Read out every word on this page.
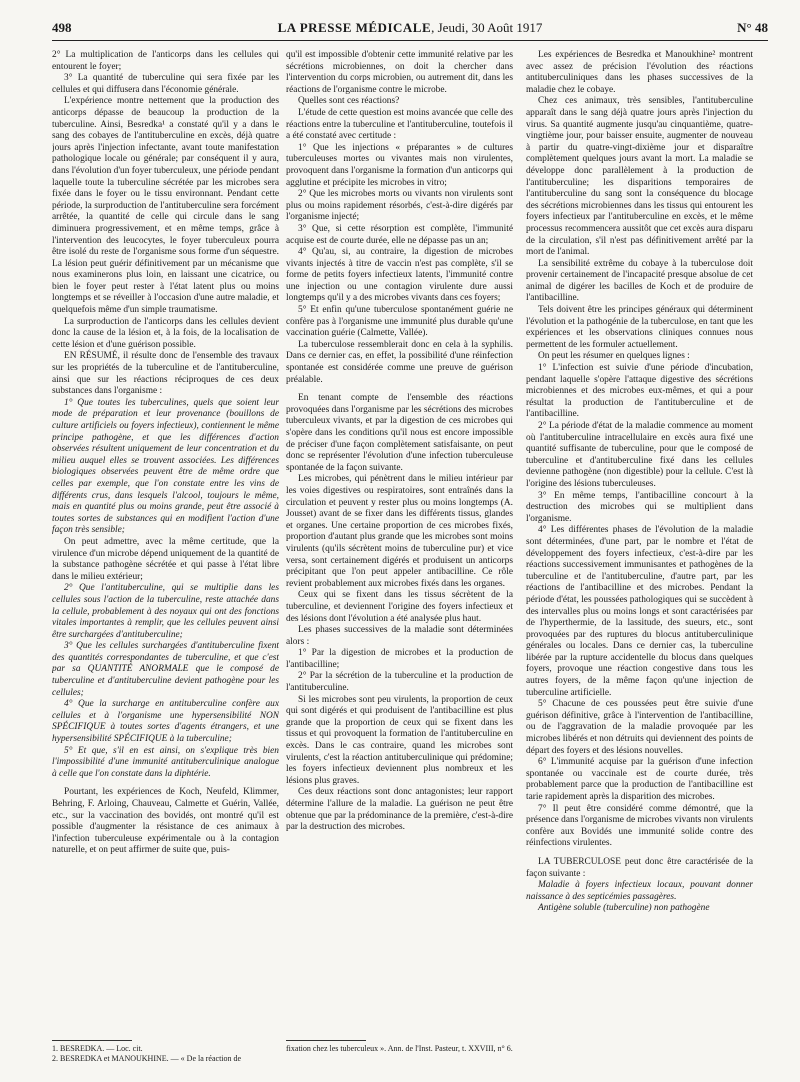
498	LA PRESSE MÉDICALE, Jeudi, 30 Août 1917	N° 48

2° La multiplication de l'anticorps dans les cellules qui entourent le foyer;

3° La quantité de tuberculine qui sera fixée par les cellules et qui diffusera dans l'économie générale.

L'expérience montre nettement que la production des anticorps dépasse de beaucoup la production de la tuberculine. Ainsi, Besredka¹ a constaté qu'il y a dans le sang des cobayes de l'antituberculine en excès, déjà quatre jours après l'injection infectante, avant toute manifestation pathologique locale ou générale; par conséquent il y aura, dans l'évolution d'un foyer tuberculeux, une période pendant laquelle toute la tuberculine sécrétée par les microbes sera fixée dans le foyer ou le tissu environnant. Pendant cette période, la surproduction de l'antituberculine sera forcément arrêtée, la quantité de celle qui circule dans le sang diminuera progressivement, et en même temps, grâce à l'intervention des leucocytes, le foyer tuberculeux pourra être isolé du reste de l'organisme sous forme d'un séquestre. La lésion peut guérir définitivement par un mécanisme que nous examinerons plus loin, en laissant une cicatrice, ou bien le foyer peut rester à l'état latent plus ou moins longtemps et se réveiller à l'occasion d'une autre maladie, et quelquefois même d'un simple traumatisme.

La surproduction de l'anticorps dans les cellules devient donc la cause de la lésion et, à la fois, de la localisation de cette lésion et d'une guérison possible.

EN RÉSUMÉ, il résulte donc de l'ensemble des travaux sur les propriétés de la tuberculine et de l'antituberculine, ainsi que sur les réactions réciproques de ces deux substances dans l'organisme :

1° Que toutes les tuberculines, quels que soient leur mode de préparation et leur provenance (bouillons de culture artificiels ou foyers infectieux), contiennent le même principe pathogène, et que les différences d'action observées résultent uniquement de leur concentration et du milieu auquel elles se trouvent associées. Les différences biologiques observées peuvent être de même ordre que celles par exemple, que l'on constate entre les vins de différents crus, dans lesquels l'alcool, toujours le même, mais en quantité plus ou moins grande, peut être associé à toutes sortes de substances qui en modifient l'action d'une façon très sensible;

On peut admettre, avec la même certitude, que la virulence d'un microbe dépend uniquement de la quantité de la substance pathogène sécrétée et qui passe à l'état libre dans le milieu extérieur;

2° Que l'antituberculine, qui se multiplie dans les cellules sous l'action de la tuberculine, reste attachée dans la cellule, probablement à des noyaux qui ont des fonctions vitales importantes à remplir, que les cellules peuvent ainsi être surchargées d'antituberculine;

3° Que les cellules surchargées d'antituberculine fixent des quantités correspondantes de tuberculine, et que c'est par sa QUANTITÉ ANORMALE que le composé de tuberculine et d'antituberculine devient pathogène pour les cellules;

4° Que la surcharge en antituberculine confère aux cellules et à l'organisme une hypersensibilité NON SPÉCIFIQUE à toutes sortes d'agents étrangers, et une hypersensibilité SPÉCIFIQUE à la tuberculine;

5° Et que, s'il en est ainsi, on s'explique très bien l'impossibilité d'une immunité antituberculinique analogue à celle que l'on constate dans la diphtérie.

Pourtant, les expériences de Koch, Neufeld, Klimmer, Behring, F. Arloing, Chauveau, Calmette et Guérin, Vallée, etc., sur la vaccination des bovidés, ont montré qu'il est possible d'augmenter la résistance de ces animaux à l'infection tuberculeuse expérimentale ou à la contagion naturelle, et on peut affirmer de suite que, puis-

qu'il est impossible d'obtenir cette immunité relative par les sécrétions microbiennes, on doit la chercher dans l'intervention du corps microbien, ou autrement dit, dans les réactions de l'organisme contre le microbe.

Quelles sont ces réactions?

L'étude de cette question est moins avancée que celle des réactions entre la tuberculine et l'antituberculine, toutefois il a été constaté avec certitude :

1° Que les injections « préparantes » de cultures tuberculeuses mortes ou vivantes mais non virulentes, provoquent dans l'organisme la formation d'un anticorps qui agglutine et précipite les microbes in vitro;

2° Que les microbes morts ou vivants non virulents sont plus ou moins rapidement résorbés, c'est-à-dire digérés par l'organisme injecté;

3° Que, si cette résorption est complète, l'immunité acquise est de courte durée, elle ne dépasse pas un an;

4° Qu'au, si, au contraire, la digestion de microbes vivants injectés à titre de vaccin n'est pas complète, s'il se forme de petits foyers infectieux latents, l'immunité contre une injection ou une contagion virulente dure aussi longtemps qu'il y a des microbes vivants dans ces foyers;

5° Et enfin qu'une tuberculose spontanément guérie ne confère pas à l'organisme une immunité plus durable qu'une vaccination guérie (Calmette, Vallée).

La tuberculose ressemblerait donc en cela à la syphilis. Dans ce dernier cas, en effet, la possibilité d'une réinfection spontanée est considérée comme une preuve de guérison préalable.

En tenant compte de l'ensemble des réactions provoquées dans l'organisme par les sécrétions des microbes tuberculeux vivants, et par la digestion de ces microbes qui s'opère dans les conditions qu'il nous est encore impossible de préciser d'une façon complètement satisfaisante, on peut donc se représenter l'évolution d'une infection tuberculeuse spontanée de la façon suivante.

Les microbes, qui pénètrent dans le milieu intérieur par les voies digestives ou respiratoires, sont entraînés dans la circulation et peuvent y rester plus ou moins longtemps (A. Jousset) avant de se fixer dans les différents tissus, glandes et organes. Une certaine proportion de ces microbes fixés, proportion d'autant plus grande que les microbes sont moins virulents (qu'ils sécrètent moins de tuberculine pur) et vice versa, sont certainement digérés et produisent un anticorps précipitant que l'on peut appeler antibacilline. Ce rôle revient probablement aux microbes fixés dans les organes.

Ceux qui se fixent dans les tissus sécrètent de la tuberculine, et deviennent l'origine des foyers infectieux et des lésions dont l'évolution a été analysée plus haut.

Les phases successives de la maladie sont déterminées alors :

1° Par la digestion de microbes et la production de l'antibacilline;

2° Par la sécrétion de la tuberculine et la production de l'antituberculine.

Si les microbes sont peu virulents, la proportion de ceux qui sont digérés et qui produisent de l'antibacilline est plus grande que la proportion de ceux qui se fixent dans les tissus et qui provoquent la formation de l'antituberculine en excès. Dans le cas contraire, quand les microbes sont virulents, c'est la réaction antituberculinique qui prédomine; les foyers infectieux deviennent plus nombreux et les lésions plus graves.

Ces deux réactions sont donc antagonistes; leur rapport détermine l'allure de la maladie. La guérison ne peut être obtenue que par la prédominance de la première, c'est-à-dire par la destruction des microbes.

Les expériences de Besredka et Manoukhine² montrent avec assez de précision l'évolution des réactions antituberculiniques dans les phases successives de la maladie chez le cobaye.

Chez ces animaux, très sensibles, l'antituberculine apparaît dans le sang déjà quatre jours après l'injection du virus. Sa quantité augmente jusqu'au cinquantième, quatre-vingtième jour, pour baisser ensuite, augmenter de nouveau à partir du quatre-vingt-dixième jour et disparaître complètement quelques jours avant la mort. La maladie se développe donc parallèlement à la production de l'antituberculine; les disparitions temporaires de l'antituberculine du sang sont la conséquence du blocage des sécrétions microbiennes dans les tissus qui entourent les foyers infectieux par l'antituberculine en excès, et le même processus recommencera aussitôt que cet excès aura disparu de la circulation, s'il n'est pas définitivement arrêté par la mort de l'animal.

La sensibilité extrême du cobaye à la tuberculose doit provenir certainement de l'incapacité presque absolue de cet animal de digérer les bacilles de Koch et de produire de l'antibacilline.

Tels doivent être les principes généraux qui déterminent l'évolution et la pathogénie de la tuberculose, en tant que les expériences et les observations cliniques connues nous permettent de les formuler actuellement.

On peut les résumer en quelques lignes :

1° L'infection est suivie d'une période d'incubation, pendant laquelle s'opère l'attaque digestive des sécrétions microbiennes et des microbes eux-mêmes, et qui a pour résultat la production de l'antituberculine et de l'antibacilline.

2° La période d'état de la maladie commence au moment où l'antituberculine intracellulaire en excès aura fixé une quantité suffisante de tuberculine, pour que le composé de tuberculine et d'antituberculine fixé dans les cellules devienne pathogène (non digestible) pour la cellule. C'est là l'origine des lésions tuberculeuses.

3° En même temps, l'antibacilline concourt à la destruction des microbes qui se multiplient dans l'organisme.

4° Les différentes phases de l'évolution de la maladie sont déterminées, d'une part, par le nombre et l'état de développement des foyers infectieux, c'est-à-dire par les réactions successivement immunisantes et pathogènes de la tuberculine et de l'antituberculine, d'autre part, par les réactions de l'antibacilline et des microbes. Pendant la période d'état, les poussées pathologiques qui se succèdent à des intervalles plus ou moins longs et sont caractérisées par de l'hyperthermie, de la lassitude, des sueurs, etc., sont provoquées par des ruptures du blocus antituberculinique générales ou locales. Dans ce dernier cas, la tuberculine libérée par la rupture accidentelle du blocus dans quelques foyers, provoque une réaction congestive dans tous les autres foyers, de la même façon qu'une injection de tuberculine artificielle.

5° Chacune de ces poussées peut être suivie d'une guérison définitive, grâce à l'intervention de l'antibacilline, ou de l'aggravation de la maladie provoquée par les microbes libérés et non détruits qui deviennent des points de départ des foyers et des lésions nouvelles.

6° L'immunité acquise par la guérison d'une infection spontanée ou vaccinale est de courte durée, très probablement parce que la production de l'antibacilline est tarie rapidement après la disparition des microbes.

7° Il peut être considéré comme démontré, que la présence dans l'organisme de microbes vivants non virulents confère aux Bovidés une immunité solide contre des réinfections virulentes.

LA TUBERCULOSE peut donc être caractérisée de la façon suivante :

Maladie à foyers infectieux locaux, pouvant donner naissance à des septicémies passagères.

Antigène soluble (tuberculine) non pathogène

1. BESREDKA. — Loc. cit.
2. BESREDKA et MANOUKHINE. — « De la réaction de
fixation chez les tuberculeux ». Ann. de l'Inst. Pasteur, t. XXVIII, n° 6.
